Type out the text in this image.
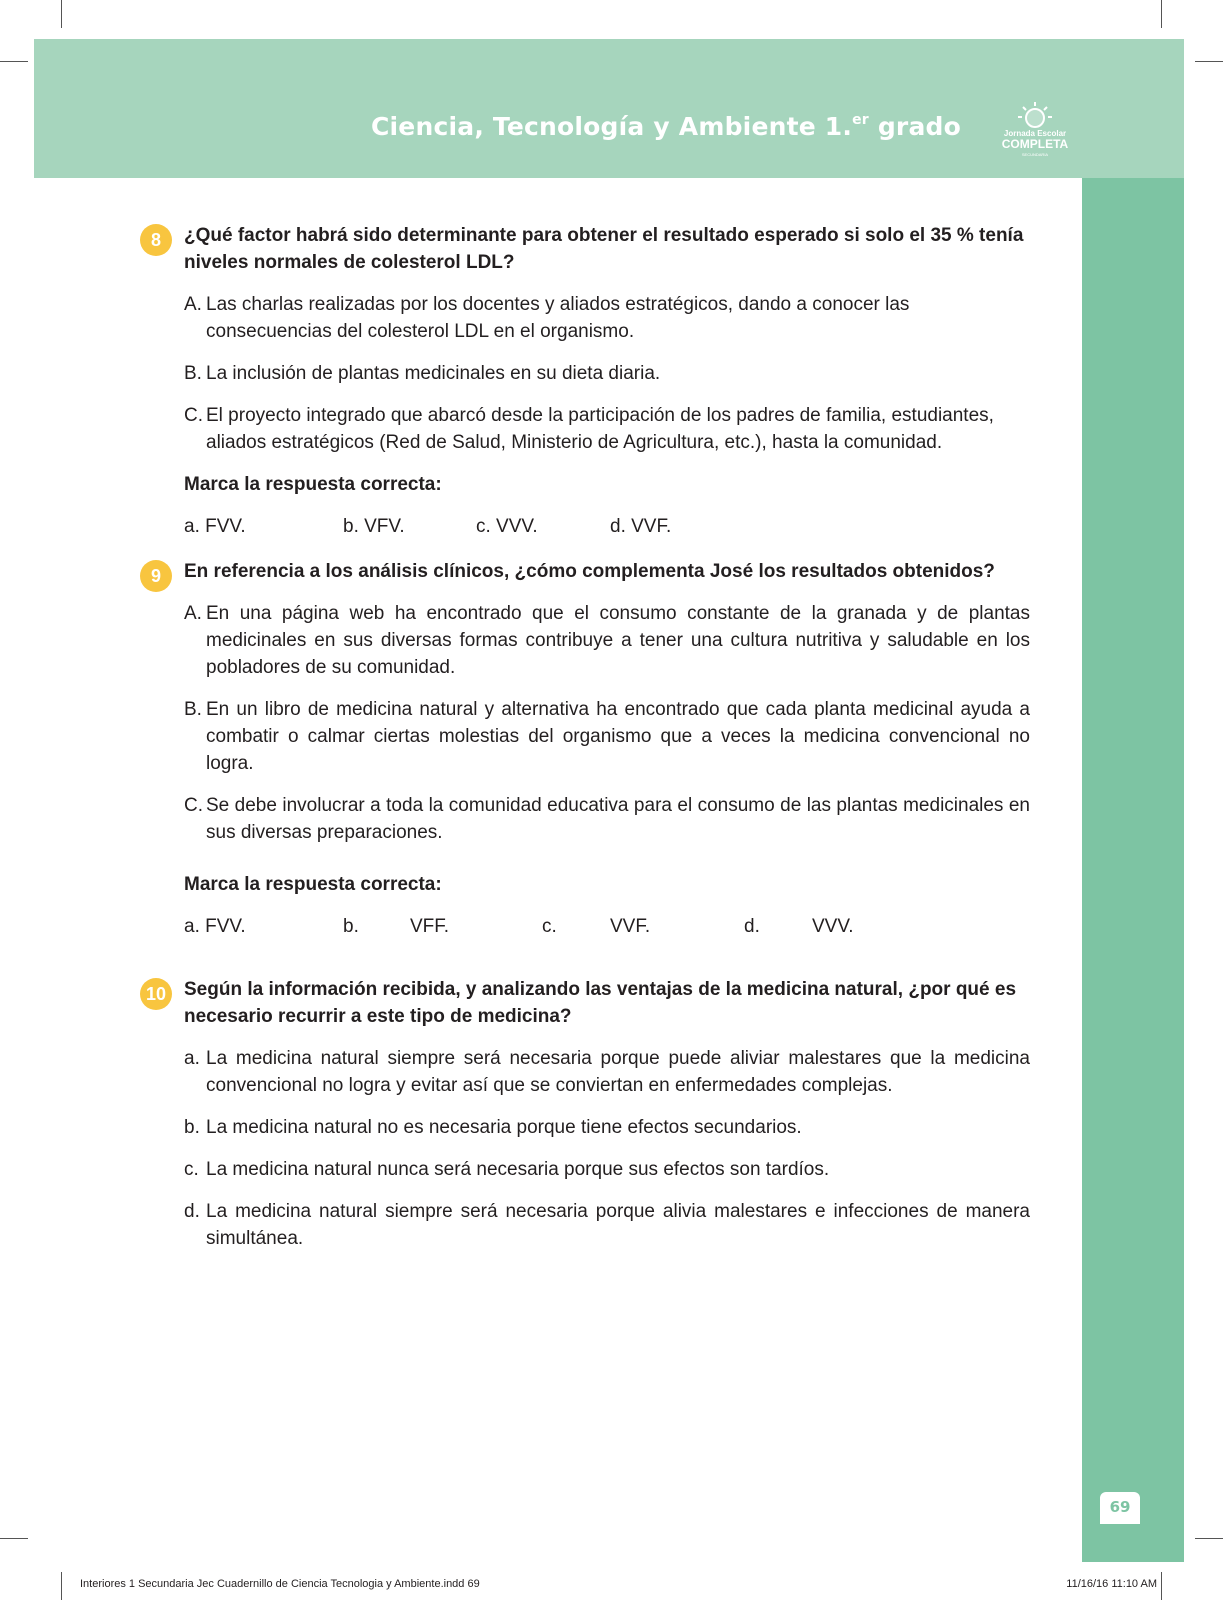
Ciencia, Tecnología y Ambiente 1.$^{er}$ grado	Jornada Escolar
COMPLETA
SECUNDARIA
69
8	¿Qué factor habrá sido determinante para obtener el resultado esperado si solo el 35 % tenía niveles normales de colesterol LDL?

A. Las charlas realizadas por los docentes y aliados estratégicos, dando a conocer las consecuencias del colesterol LDL en el organismo.
B. La inclusión de plantas medicinales en su dieta diaria.
C. El proyecto integrado que abarcó desde la participación de los padres de familia, estudiantes, aliados estratégicos (Red de Salud, Ministerio de Agricultura, etc.), hasta la comunidad.

Marca la respuesta correcta:

a. FVV.	b. VFV.	c. VVV.	d. VVF.
9	En referencia a los análisis clínicos, ¿cómo complementa José los resultados obtenidos?

A. En una página web ha encontrado que el consumo constante de la granada y de plantas medicinales en sus diversas formas contribuye a tener una cultura nutritiva y saludable en los pobladores de su comunidad.
B. En un libro de medicina natural y alternativa ha encontrado que cada planta medicinal ayuda a combatir o calmar ciertas molestias del organismo que a veces la medicina convencional no logra.
C. Se debe involucrar a toda la comunidad educativa para el consumo de las plantas medicinales en sus diversas preparaciones.

Marca la respuesta correcta:

a. FVV.	b.	VFF.	c.	VVF.	d.	VVV.
10 Según la información recibida, y analizando las ventajas de la medicina natural, ¿por qué es necesario recurrir a este tipo de medicina?

a. La medicina natural siempre será necesaria porque puede aliviar malestares que la medicina convencional no logra y evitar así que se conviertan en enfermedades complejas.
b. La medicina natural no es necesaria porque tiene efectos secundarios.
c. La medicina natural nunca será necesaria porque sus efectos son tardíos.
d. La medicina natural siempre será necesaria porque alivia malestares e infecciones de manera simultánea.
Interiores 1 Secundaria Jec Cuadernillo de Ciencia Tecnologia y Ambiente.indd 69	11/16/16 11:10 AM
